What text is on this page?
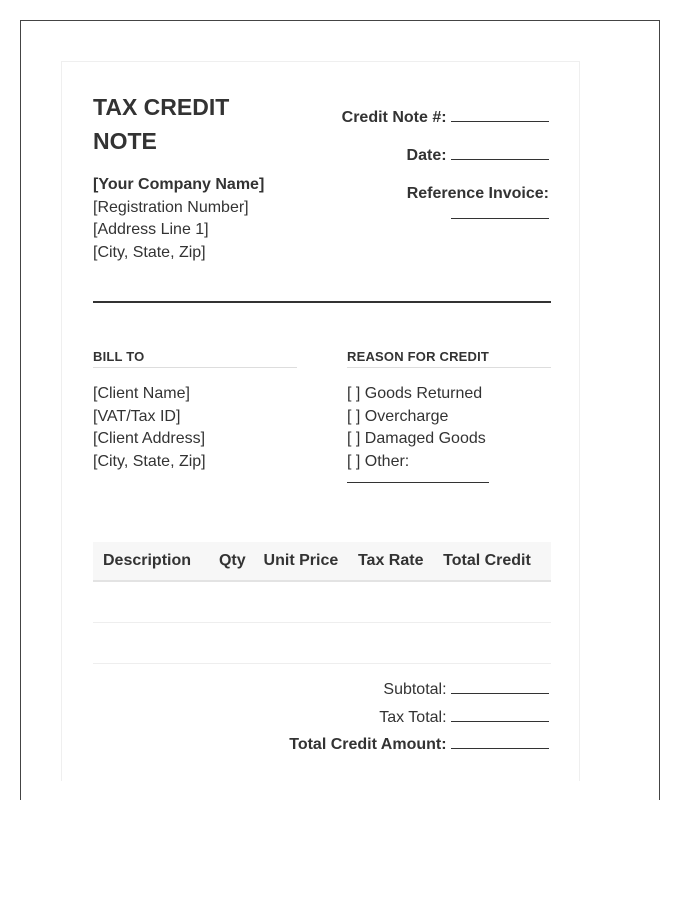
TAX CREDIT NOTE
[Your Company Name]
[Registration Number]
[Address Line 1]
[City, State, Zip]
Credit Note #:
Date:
Reference Invoice:
BILL TO	REASON FOR CREDIT
[Client Name]
[VAT/Tax ID]
[Client Address]
[City, State, Zip]
[ ] Goods Returned
[ ] Overcharge
[ ] Damaged Goods
[ ] Other:
Description	Qty	Unit Price	Tax Rate	Total Credit

Subtotal:
Tax Total:
Total Credit Amount:
